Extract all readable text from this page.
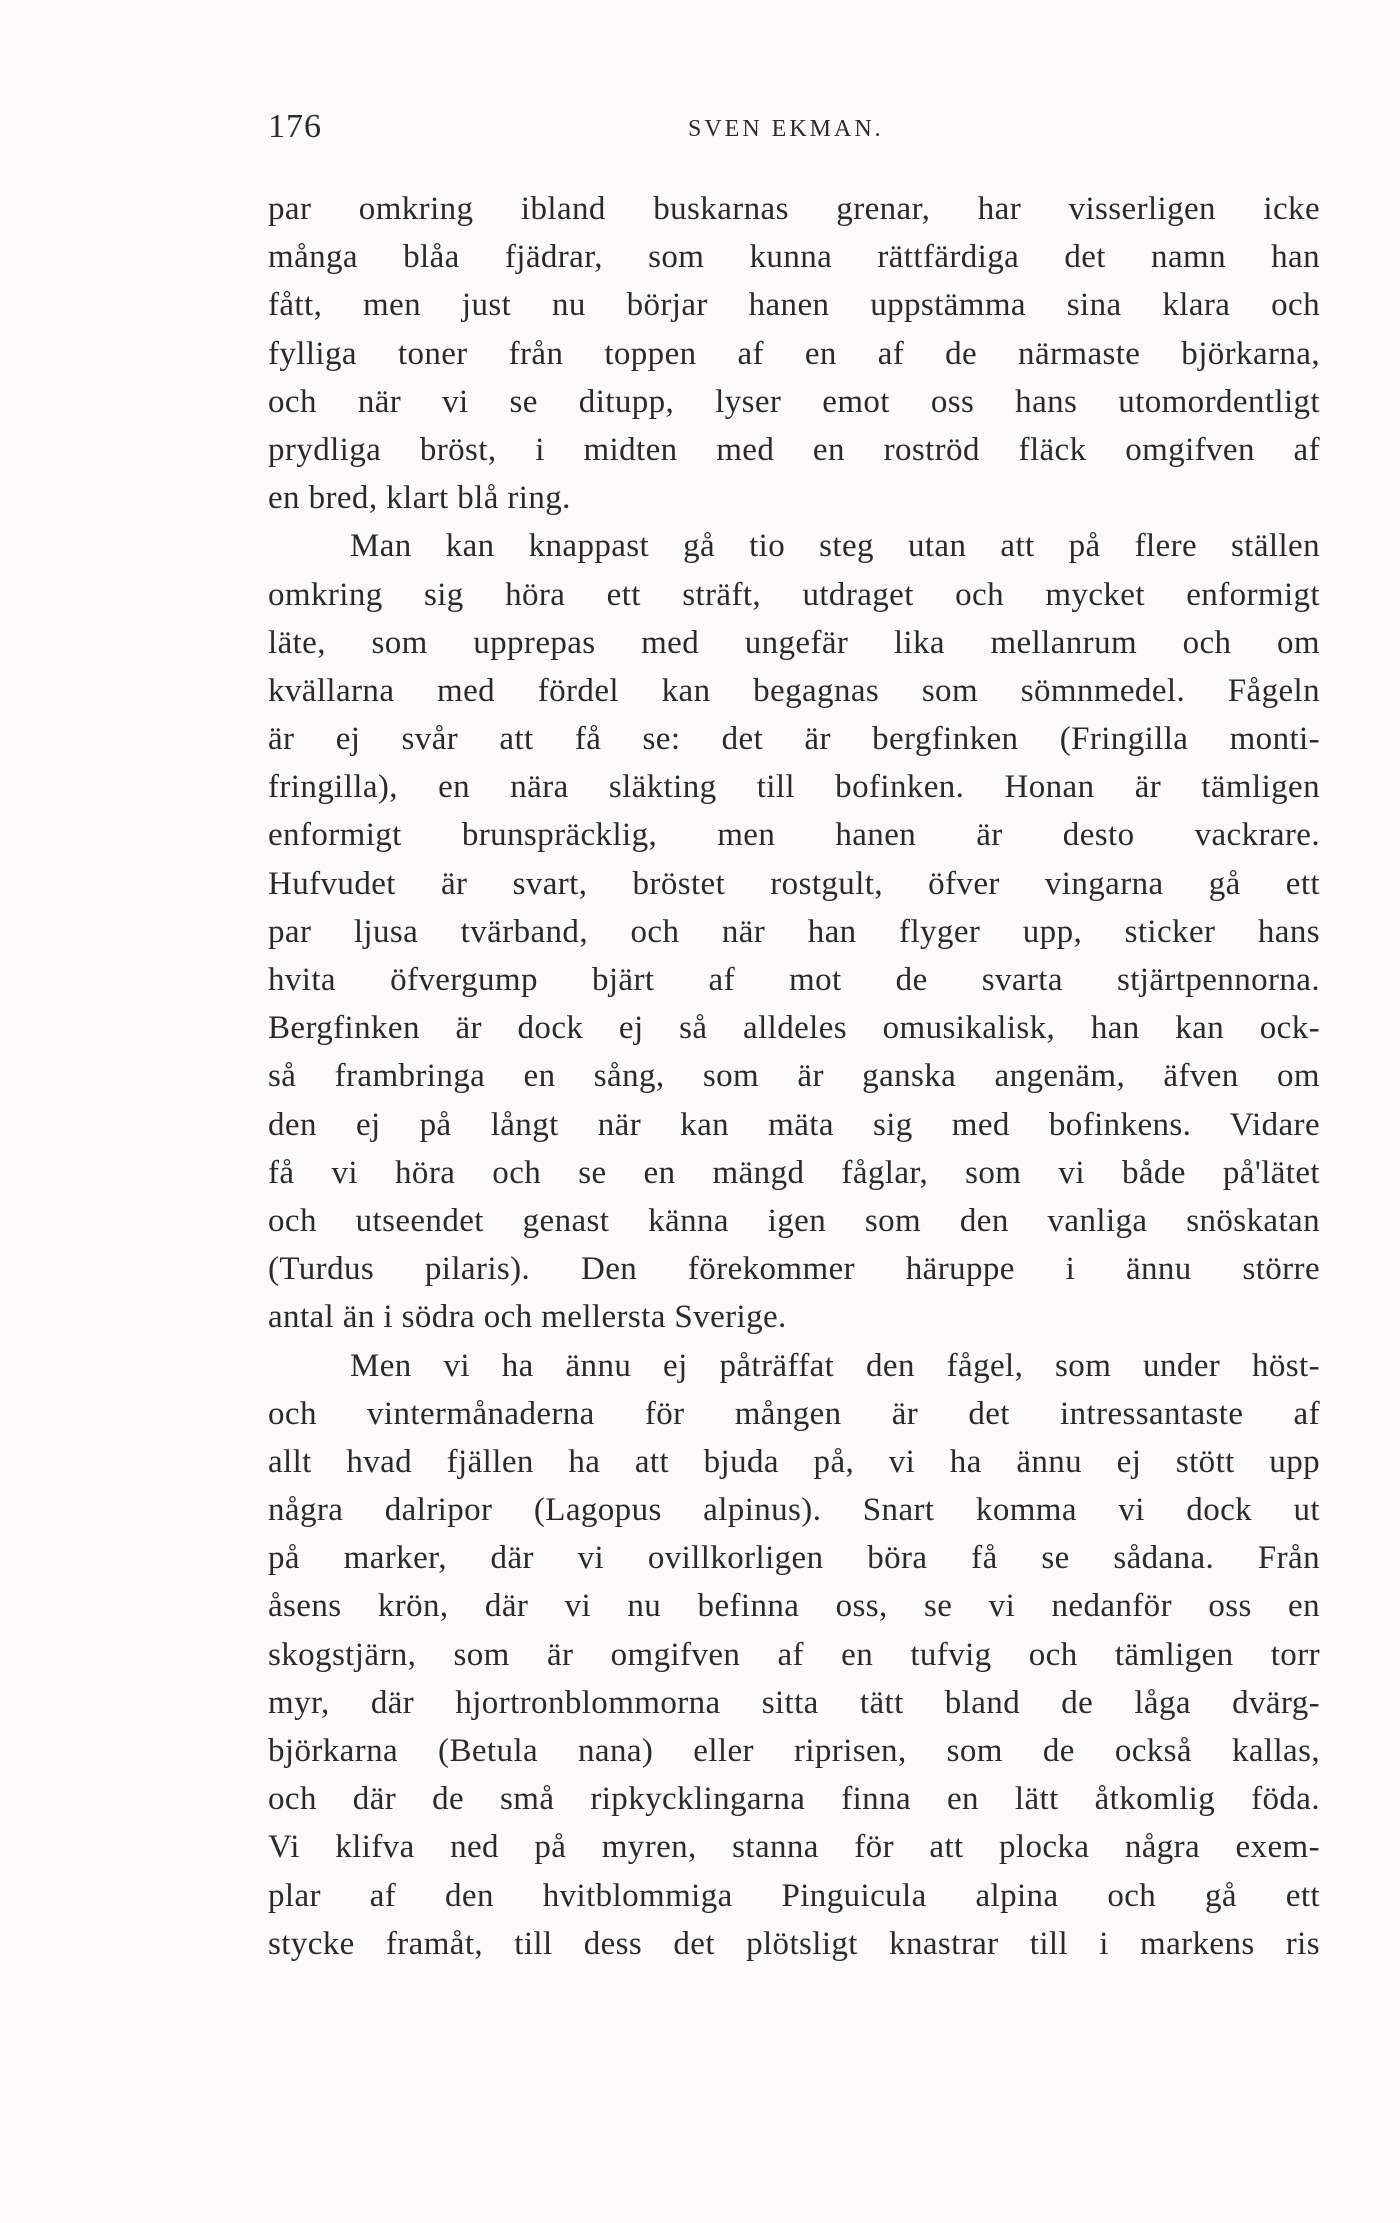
176	SVEN EKMAN.
par omkring ibland buskarnas grenar, har visserligen icke
många blåa fjädrar, som kunna rättfärdiga det namn han
fått, men just nu börjar hanen uppstämma sina klara och
fylliga toner från toppen af en af de närmaste björkarna,
och när vi se ditupp, lyser emot oss hans utomordentligt
prydliga bröst, i midten med en roströd fläck omgifven af
en bred, klart blå ring.
Man kan knappast gå tio steg utan att på flere ställen
omkring sig höra ett sträft, utdraget och mycket enformigt
läte, som upprepas med ungefär lika mellanrum och om
kvällarna med fördel kan begagnas som sömnmedel. Fågeln
är ej svår att få se: det är bergfinken (Fringilla monti-
fringilla), en nära släkting till bofinken. Honan är tämligen
enformigt brunspräcklig, men hanen är desto vackrare.
Hufvudet är svart, bröstet rostgult, öfver vingarna gå ett
par ljusa tvärband, och när han flyger upp, sticker hans
hvita öfvergump bjärt af mot de svarta stjärtpennorna.
Bergfinken är dock ej så alldeles omusikalisk, han kan ock-
så frambringa en sång, som är ganska angenäm, äfven om
den ej på långt när kan mäta sig med bofinkens. Vidare
få vi höra och se en mängd fåglar, som vi både på'lätet
och utseendet genast känna igen som den vanliga snöskatan
(Turdus pilaris). Den förekommer häruppe i ännu större
antal än i södra och mellersta Sverige.
Men vi ha ännu ej påträffat den fågel, som under höst-
och vintermånaderna för mången är det intressantaste af
allt hvad fjällen ha att bjuda på, vi ha ännu ej stött upp
några dalripor (Lagopus alpinus). Snart komma vi dock ut
på marker, där vi ovillkorligen böra få se sådana. Från
åsens krön, där vi nu befinna oss, se vi nedanför oss en
skogstjärn, som är omgifven af en tufvig och tämligen torr
myr, där hjortronblommorna sitta tätt bland de låga dvärg-
björkarna (Betula nana) eller riprisen, som de också kallas,
och där de små ripkycklingarna finna en lätt åtkomlig föda.
Vi klifva ned på myren, stanna för att plocka några exem-
plar af den hvitblommiga Pinguicula alpina och gå ett
stycke framåt, till dess det plötsligt knastrar till i markens ris
